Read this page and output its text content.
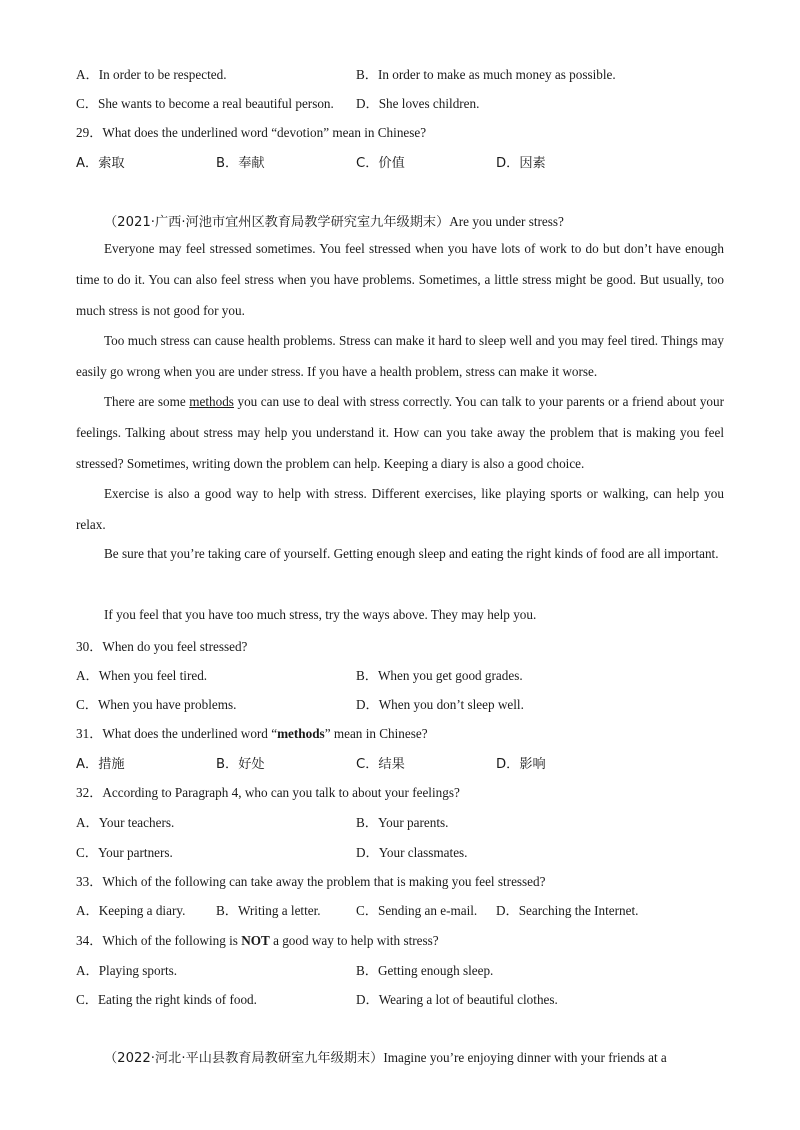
A．In order to be respected.	B．In order to make as much money as possible.
C．She wants to become a real beautiful person. D．She loves children.
29．What does the underlined word “devotion” mean in Chinese?
A．索取	B．奉献	C．价值	D．因素
（2021·广西·河池市宜州区教育局教学研究室九年级期末）Are you under stress?

Everyone may feel stressed sometimes. You feel stressed when you have lots of work to do but don’t have enough time to do it. You can also feel stress when you have problems. Sometimes, a little stress might be good. But usually, too much stress is not good for you.

Too much stress can cause health problems. Stress can make it hard to sleep well and you may feel tired. Things may easily go wrong when you are under stress. If you have a health problem, stress can make it worse.

There are some methods you can use to deal with stress correctly. You can talk to your parents or a friend about your feelings. Talking about stress may help you understand it. How can you take away the problem that is making you feel stressed? Sometimes, writing down the problem can help. Keeping a diary is also a good choice.

Exercise is also a good way to help with stress. Different exercises, like playing sports or walking, can help you relax.

Be sure that you’re taking care of yourself. Getting enough sleep and eating the right kinds of food are all important.

If you feel that you have too much stress, try the ways above. They may help you.

30．When do you feel stressed?
A．When you feel tired.	B．When you get good grades.
C．When you have problems.	D．When you don’t sleep well.
31．What does the underlined word “methods” mean in Chinese?
A．措施	B．好处	C．结果	D．影响
32．According to Paragraph 4, who can you talk to about your feelings?
A．Your teachers.	B．Your parents.
C．Your partners.	D．Your classmates.
33．Which of the following can take away the problem that is making you feel stressed?
A．Keeping a diary. B．Writing a letter.	C．Sending an e-mail. D．Searching the Internet.
34．Which of the following is NOT a good way to help with stress?
A．Playing sports.	B．Getting enough sleep.
C．Eating the right kinds of food.	D．Wearing a lot of beautiful clothes.
（2022·河北·平山县教育局教研室九年级期末）Imagine you’re enjoying dinner with your friends at a
